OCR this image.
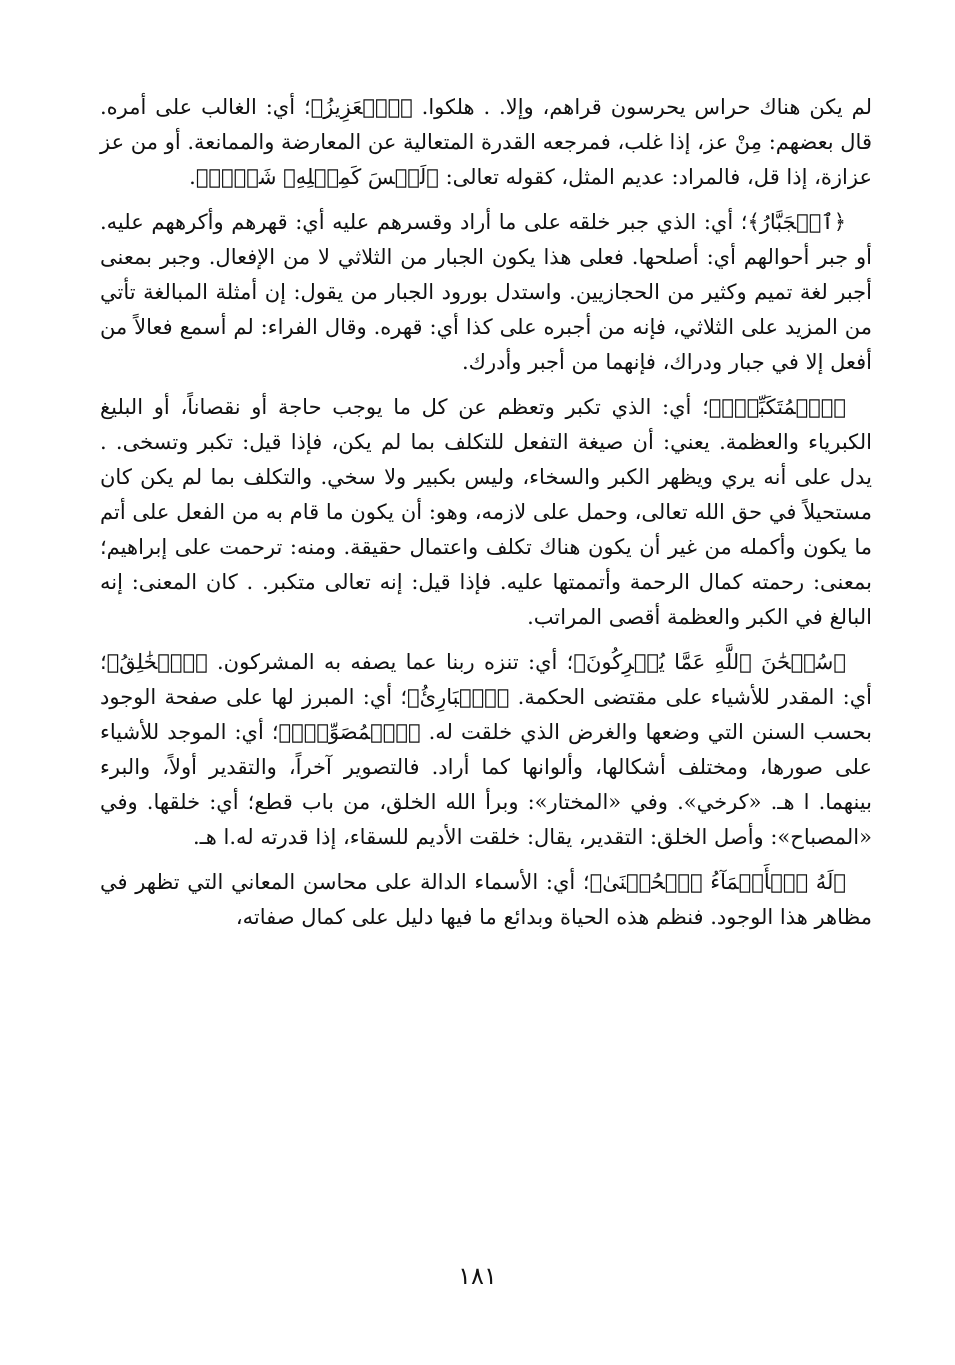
لم يكن هناك حراس يحرسون قراهم، وإلا. . هلكوا. ﴿ٱلۡعَزِيزُ﴾؛ أي: الغالب على أمره. قال بعضهم: مِنْ عز، إذا غلب، فمرجعه القدرة المتعالية عن المعارضة والممانعة. أو من عز عزازة، إذا قل، فالمراد: عديم المثل، كقوله تعالى: ﴿لَيۡسَ كَمِثۡلِهِۦ شَيۡءٞ﴾.

﴿ٱلۡجَبَّارُ﴾؛ أي: الذي جبر خلقه على ما أراد وقسرهم عليه أي: قهرهم وأكرههم عليه. أو جبر أحوالهم أي: أصلحها. فعلى هذا يكون الجبار من الثلاثي لا من الإفعال. وجبر بمعنى أجبر لغة تميم وكثير من الحجازيين. واستدل بورود الجبار من يقول: إن أمثلة المبالغة تأتي من المزيد على الثلاثي، فإنه من أجبره على كذا أي: قهره. وقال الفراء: لم أسمع فعالاً من أفعل إلا في جبار ودراك، فإنهما من أجبر وأدرك.

﴿ٱلۡمُتَكَبِّرُۚ﴾؛ أي: الذي تكبر وتعظم عن كل ما يوجب حاجة أو نقصاناً، أو البليغ الكبرياء والعظمة. يعني: أن صيغة التفعل للتكلف بما لم يكن، فإذا قيل: تكبر وتسخى. . يدل على أنه يري ويظهر الكبر والسخاء، وليس بكبير ولا سخي. والتكلف بما لم يكن كان مستحيلاً في حق الله تعالى، وحمل على لازمه، وهو: أن يكون ما قام به من الفعل على أتم ما يكون وأكمله من غير أن يكون هناك تكلف واعتمال حقيقة. ومنه: ترحمت على إبراهيم؛ بمعنى: رحمته كمال الرحمة وأتممتها عليه. فإذا قيل: إنه تعالى متكبر. . كان المعنى: إنه البالغ في الكبر والعظمة أقصى المراتب.

﴿سُبۡحَٰنَ ٱللَّهِ عَمَّا يُشۡرِكُونَ﴾؛ أي: تنزه ربنا عما يصفه به المشركون. ﴿ٱلۡخَٰلِقُ﴾؛ أي: المقدر للأشياء على مقتضى الحكمة. ﴿ٱلۡبَارِئُ﴾؛ أي: المبرز لها على صفحة الوجود بحسب السنن التي وضعها والغرض الذي خلقت له. ﴿ٱلۡمُصَوِّرُۖ﴾؛ أي: الموجد للأشياء على صورها، ومختلف أشكالها، وألوانها كما أراد. فالتصوير آخراً، والتقدير أولاً، والبرء بينهما. ا هـ. «كرخي». وفي «المختار»: وبرأ الله الخلق، من باب قطع؛ أي: خلقها. وفي «المصباح»: وأصل الخلق: التقدير، يقال: خلقت الأديم للسقاء، إذا قدرته له.ا هـ.

﴿لَهُ ٱلۡأَسۡمَآءُ ٱلۡحُسۡنَىٰ﴾؛ أي: الأسماء الدالة على محاسن المعاني التي تظهر في مظاهر هذا الوجود. فنظم هذه الحياة وبدائع ما فيها دليل على كمال صفاته،

١٨١
